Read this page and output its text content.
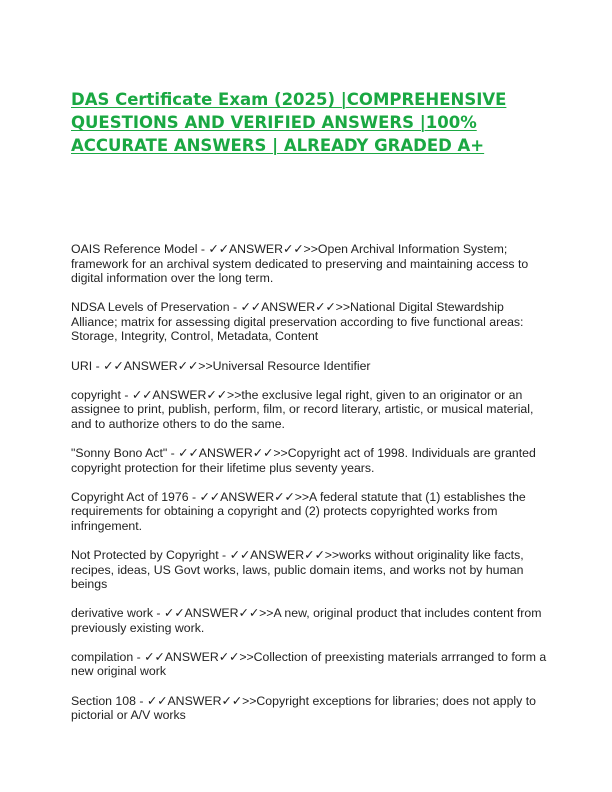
DAS Certificate Exam (2025) |COMPREHENSIVE QUESTIONS AND VERIFIED ANSWERS |100% ACCURATE ANSWERS | ALREADY GRADED A+
OAIS Reference Model - ✓✓ANSWER✓✓>>Open Archival Information System; framework for an archival system dedicated to preserving and maintaining access to digital information over the long term.
NDSA Levels of Preservation - ✓✓ANSWER✓✓>>National Digital Stewardship Alliance; matrix for assessing digital preservation according to five functional areas: Storage, Integrity, Control, Metadata, Content
URI - ✓✓ANSWER✓✓>>Universal Resource Identifier
copyright - ✓✓ANSWER✓✓>>the exclusive legal right, given to an originator or an assignee to print, publish, perform, film, or record literary, artistic, or musical material, and to authorize others to do the same.
"Sonny Bono Act" - ✓✓ANSWER✓✓>>Copyright act of 1998. Individuals are granted copyright protection for their lifetime plus seventy years.
Copyright Act of 1976 - ✓✓ANSWER✓✓>>A federal statute that (1) establishes the requirements for obtaining a copyright and (2) protects copyrighted works from infringement.
Not Protected by Copyright - ✓✓ANSWER✓✓>>works without originality like facts, recipes, ideas, US Govt works, laws, public domain items, and works not by human beings
derivative work - ✓✓ANSWER✓✓>>A new, original product that includes content from previously existing work.
compilation - ✓✓ANSWER✓✓>>Collection of preexisting materials arrranged to form a new original work
Section 108 - ✓✓ANSWER✓✓>>Copyright exceptions for libraries; does not apply to pictorial or A/V works
